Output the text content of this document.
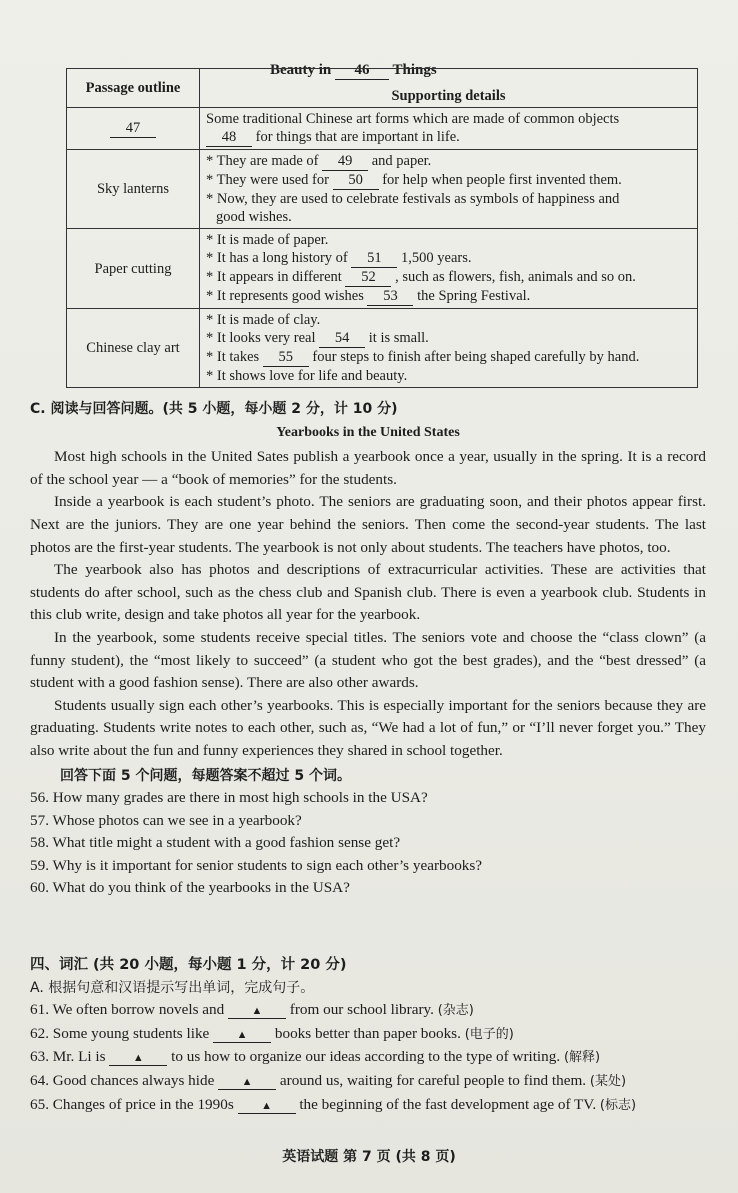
Beauty in 46 Things
Passage outline	Supporting details
47	Some traditional Chinese art forms which are made of common objects
48 for things that are important in life.

Sky lanterns	* They are made of 49 and paper.
* They were used for 50 for help when people first invented them.
* Now, they are used to celebrate festivals as symbols of happiness and
good wishes.

Paper cutting	* It is made of paper.
* It has a long history of 51 1,500 years.
* It appears in different 52 , such as flowers, fish, animals and so on.
* It represents good wishes 53 the Spring Festival.

Chinese clay art	* It is made of clay.
* It looks very real 54 it is small.
* It takes 55 four steps to finish after being shaped carefully by hand.
* It shows love for life and beauty.
C. 阅读与回答问题。(共 5 小题，每小题 2 分，计 10 分)
Yearbooks in the United States

Most high schools in the United Sates publish a yearbook once a year, usually in the spring. It is a record of the school year — a “book of memories” for the students.

Inside a yearbook is each student’s photo. The seniors are graduating soon, and their photos appear first. Next are the juniors. They are one year behind the seniors. Then come the second-year students. The last photos are the first-year students. The yearbook is not only about students. The teachers have photos, too.

The yearbook also has photos and descriptions of extracurricular activities. These are activities that students do after school, such as the chess club and Spanish club. There is even a yearbook club. Students in this club write, design and take photos all year for the yearbook.

In the yearbook, some students receive special titles. The seniors vote and choose the “class clown” (a funny student), the “most likely to succeed” (a student who got the best grades), and the “best dressed” (a student with a good fashion sense). There are also other awards.

Students usually sign each other’s yearbooks. This is especially important for the seniors because they are graduating. Students write notes to each other, such as, “We had a lot of fun,” or “I’ll never forget you.” They also write about the fun and funny experiences they shared in school together.

回答下面 5 个问题，每题答案不超过 5 个词。

56. How many grades are there in most high schools in the USA?

57. Whose photos can we see in a yearbook?

58. What title might a student with a good fashion sense get?

59. Why is it important for senior students to sign each other’s yearbooks?

60. What do you think of the yearbooks in the USA?

四、词汇 (共 20 小题，每小题 1 分，计 20 分)
A. 根据句意和汉语提示写出单词，完成句子。

61. We often borrow novels and ▲ from our school library. (杂志)

62. Some young students like ▲ books better than paper books. (电子的)

63. Mr. Li is ▲ to us how to organize our ideas according to the type of writing. (解释)

64. Good chances always hide ▲ around us, waiting for careful people to find them. (某处)

65. Changes of price in the 1990s ▲ the beginning of the fast development age of TV. (标志)

英语试题 第 7 页 (共 8 页)
